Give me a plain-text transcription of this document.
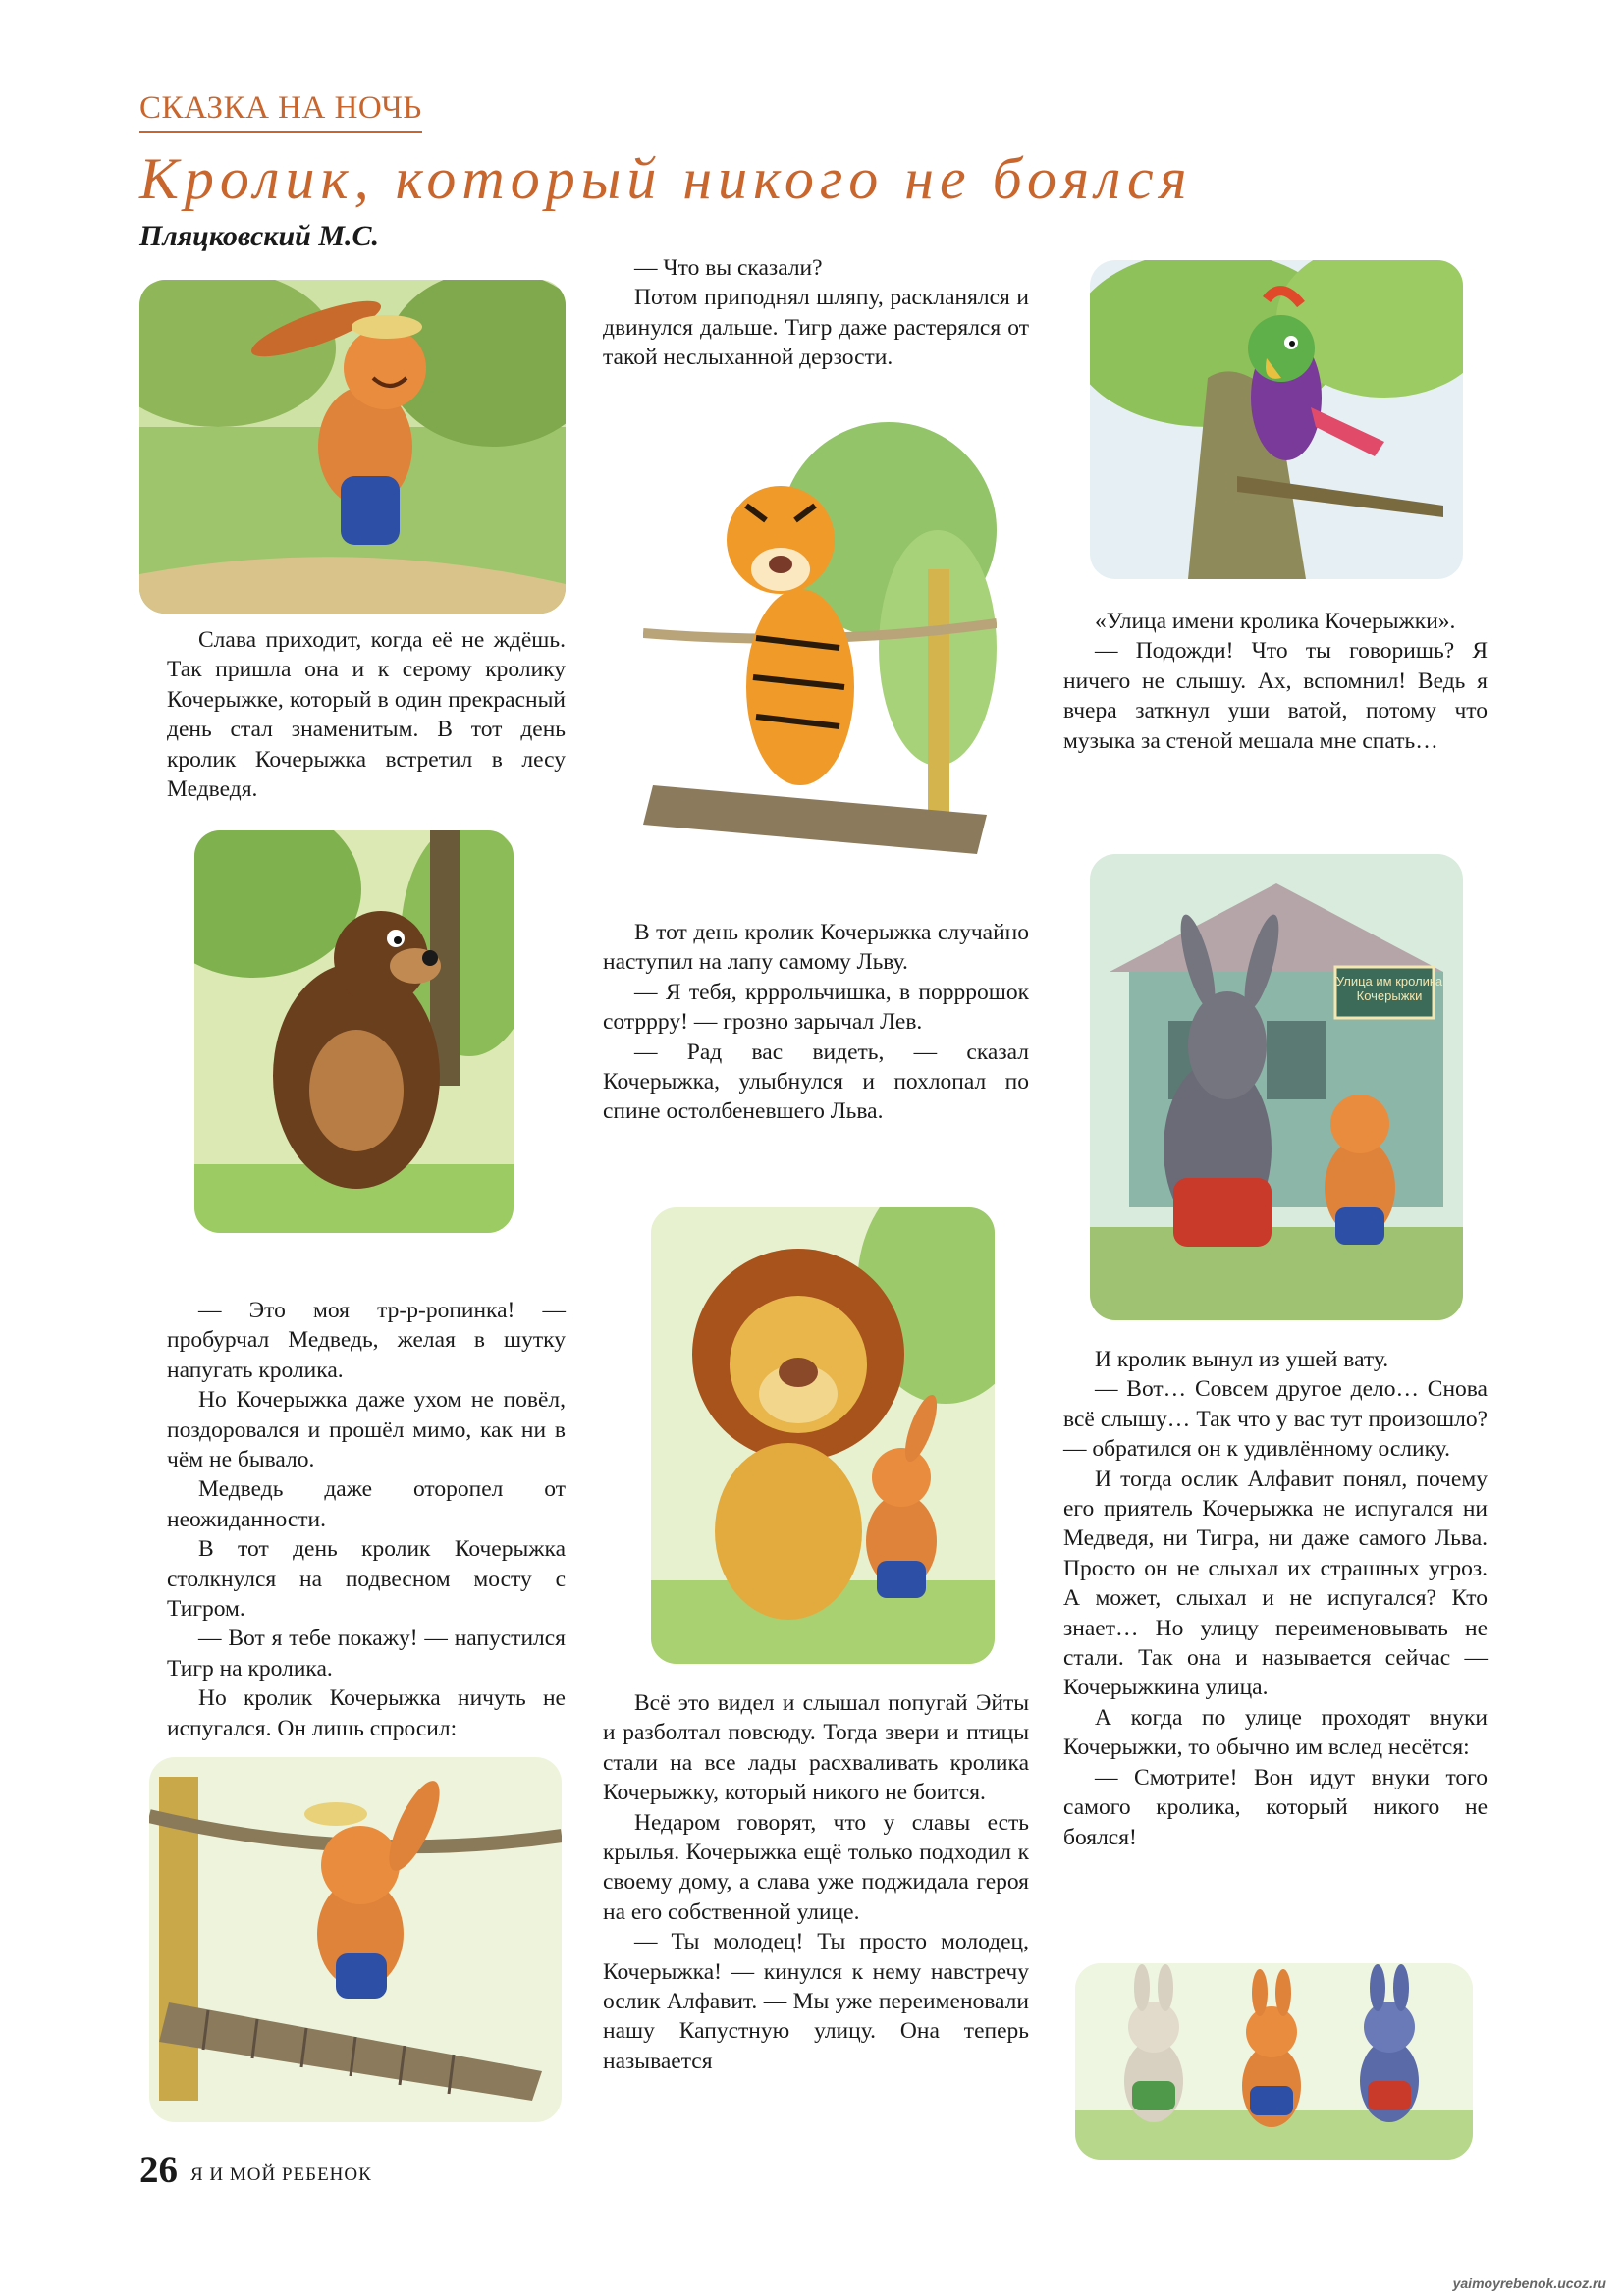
СКАЗКА НА НОЧЬ
Кролик, который никого не боялся
Пляцковский М.С.

Слава приходит, когда её не ждёшь. Так пришла она и к серому кролику Кочерыжке, который в один прекрасный день стал знаменитым. В тот день кролик Кочерыжка встретил в лесу Медведя.

— Это моя тр-р-ропинка! — пробурчал Медведь, желая в шутку напугать кролика.

Но Кочерыжка даже ухом не повёл, поздоровался и прошёл мимо, как ни в чём не бывало.

Медведь даже оторопел от неожиданности.

В тот день кролик Кочерыжка столкнулся на подвесном мосту с Тигром.

— Вот я тебе покажу! — напустился Тигр на кролика.

Но кролик Кочерыжка ничуть не испугался. Он лишь спросил:

— Что вы сказали?

Потом приподнял шляпу, раскланялся и двинулся дальше. Тигр даже растерялся от такой неслыханной дерзости.

В тот день кролик Кочерыжка случайно наступил на лапу самому Льву.

— Я тебя, крррольчишка, в порррошок сотррру! — грозно зарычал Лев.

— Рад вас видеть, — сказал Кочерыжка, улыбнулся и похлопал по спине остолбеневшего Льва.

Всё это видел и слышал попугай Эйты и разболтал повсюду. Тогда звери и птицы стали на все лады расхваливать кролика Кочерыжку, который никого не боится.

Недаром говорят, что у славы есть крылья. Кочерыжка ещё только подходил к своему дому, а слава уже поджидала героя на его собственной улице.

— Ты молодец! Ты просто молодец, Кочерыжка! — кинулся к нему навстречу ослик Алфавит. — Мы уже переименовали нашу Капустную улицу. Она теперь называется

«Улица имени кролика Кочерыжки».

— Подожди! Что ты говоришь? Я ничего не слышу. Ах, вспомнил! Ведь я вчера заткнул уши ватой, потому что музыка за стеной мешала мне спать…

Улица им кролика Кочерыжки

И кролик вынул из ушей вату.

— Вот… Совсем другое дело… Снова всё слышу… Так что у вас тут произошло? — обратился он к удивлённому ослику.

И тогда ослик Алфавит понял, почему его приятель Кочерыжка не испугался ни Медведя, ни Тигра, ни даже самого Льва. Просто он не слыхал их страшных угроз. А может, слыхал и не испугался? Кто знает… Но улицу переименовывать не стали. Так она и называется сейчас — Кочерыжкина улица.

А когда по улице проходят внуки Кочерыжки, то обычно им вслед несётся:

— Смотрите! Вон идут внуки того самого кролика, который никого не боялся!

26 Я И МОЙ РЕБЕНОК
yaimoyrebenok.ucoz.ru
